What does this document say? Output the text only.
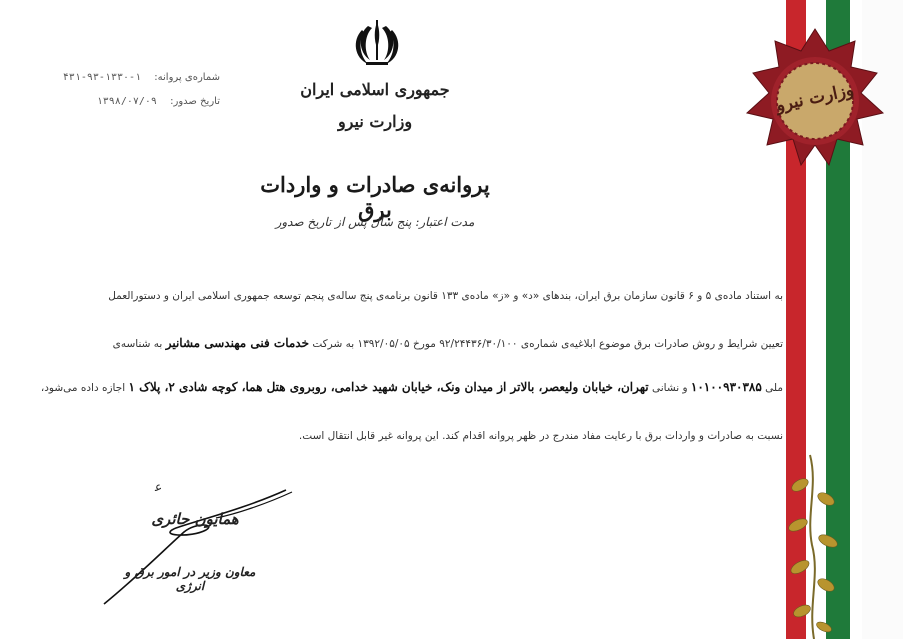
وزارت نیرو
جمهوری اسلامی ایران
وزارت نیرو
شماره‌ی پروانه: ۱-۱۳۳۰-۹۳-۴۳۱
تاریخ صدور: ۱۳۹۸/۰۷/۰۹
پروانه‌ی صادرات و واردات برق
مدت اعتبار: پنج سال پس از تاریخ صدور
به استناد ماده‌ی ۵ و ۶ قانون سازمان برق ایران، بندهای «د» و «ز» ماده‌ی ۱۳۳ قانون برنامه‌ی پنج ساله‌ی پنجم توسعه جمهوری اسلامی ایران و دستورالعمل
تعیین شرایط و روش صادرات برق موضوع ابلاغیه‌ی شماره‌ی ۹۲/۲۴۴۳۶/۳۰/۱۰۰ مورخ ۱۳۹۲/۰۵/۰۵ به شرکت خدمات فنی مهندسی مشانیر به شناسه‌ی
ملی ۱۰۱۰۰۹۳۰۳۸۵ و نشانی تهران، خیابان ولیعصر، بالاتر از میدان ونک، خیابان شهید خدامی، روبروی هتل هما، کوچه شادی ۲، پلاک ۱ اجازه داده می‌شود،
نسبت به صادرات و واردات برق با رعایت مفاد مندرج در ظهر پروانه اقدام کند. این پروانه غیر قابل انتقال است.
ﻋ
همایون حائری
معاون وزیر در امور برق و انرژی
